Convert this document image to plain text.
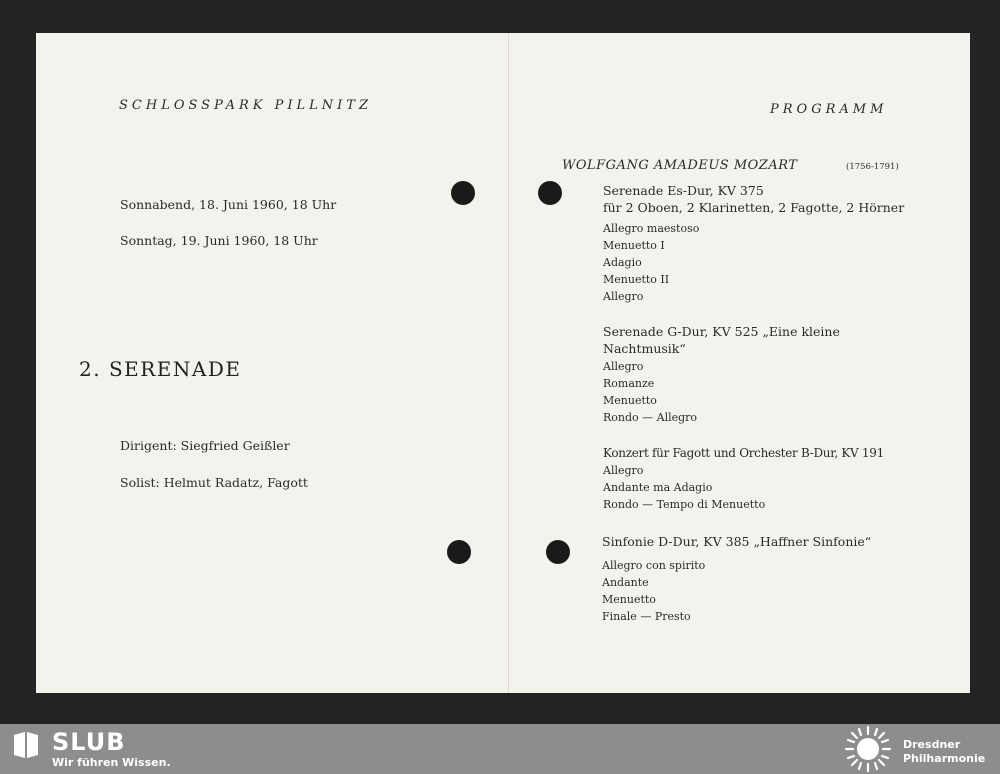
SCHLOSSPARK PILLNITZ
Sonnabend, 18. Juni 1960, 18 Uhr
Sonntag, 19. Juni 1960, 18 Uhr
2. SERENADE
Dirigent: Siegfried Geißler
Solist: Helmut Radatz, Fagott
PROGRAMM
WOLFGANG AMADEUS MOZART	(1756-1791)
Serenade Es-Dur, KV 375
für 2 Oboen, 2 Klarinetten, 2 Fagotte, 2 Hörner
Allegro maestoso
Menuetto I
Adagio
Menuetto II
Allegro
Serenade G-Dur, KV 525 „Eine kleine
Nachtmusik“
Allegro
Romanze
Menuetto
Rondo — Allegro
Konzert für Fagott und Orchester B-Dur, KV 191
Allegro
Andante ma Adagio
Rondo — Tempo di Menuetto
Sinfonie D-Dur, KV 385 „Haffner Sinfonie“
Allegro con spirito
Andante
Menuetto
Finale — Presto
SLUB
Wir führen Wissen.
Dresdner
Philharmonie
